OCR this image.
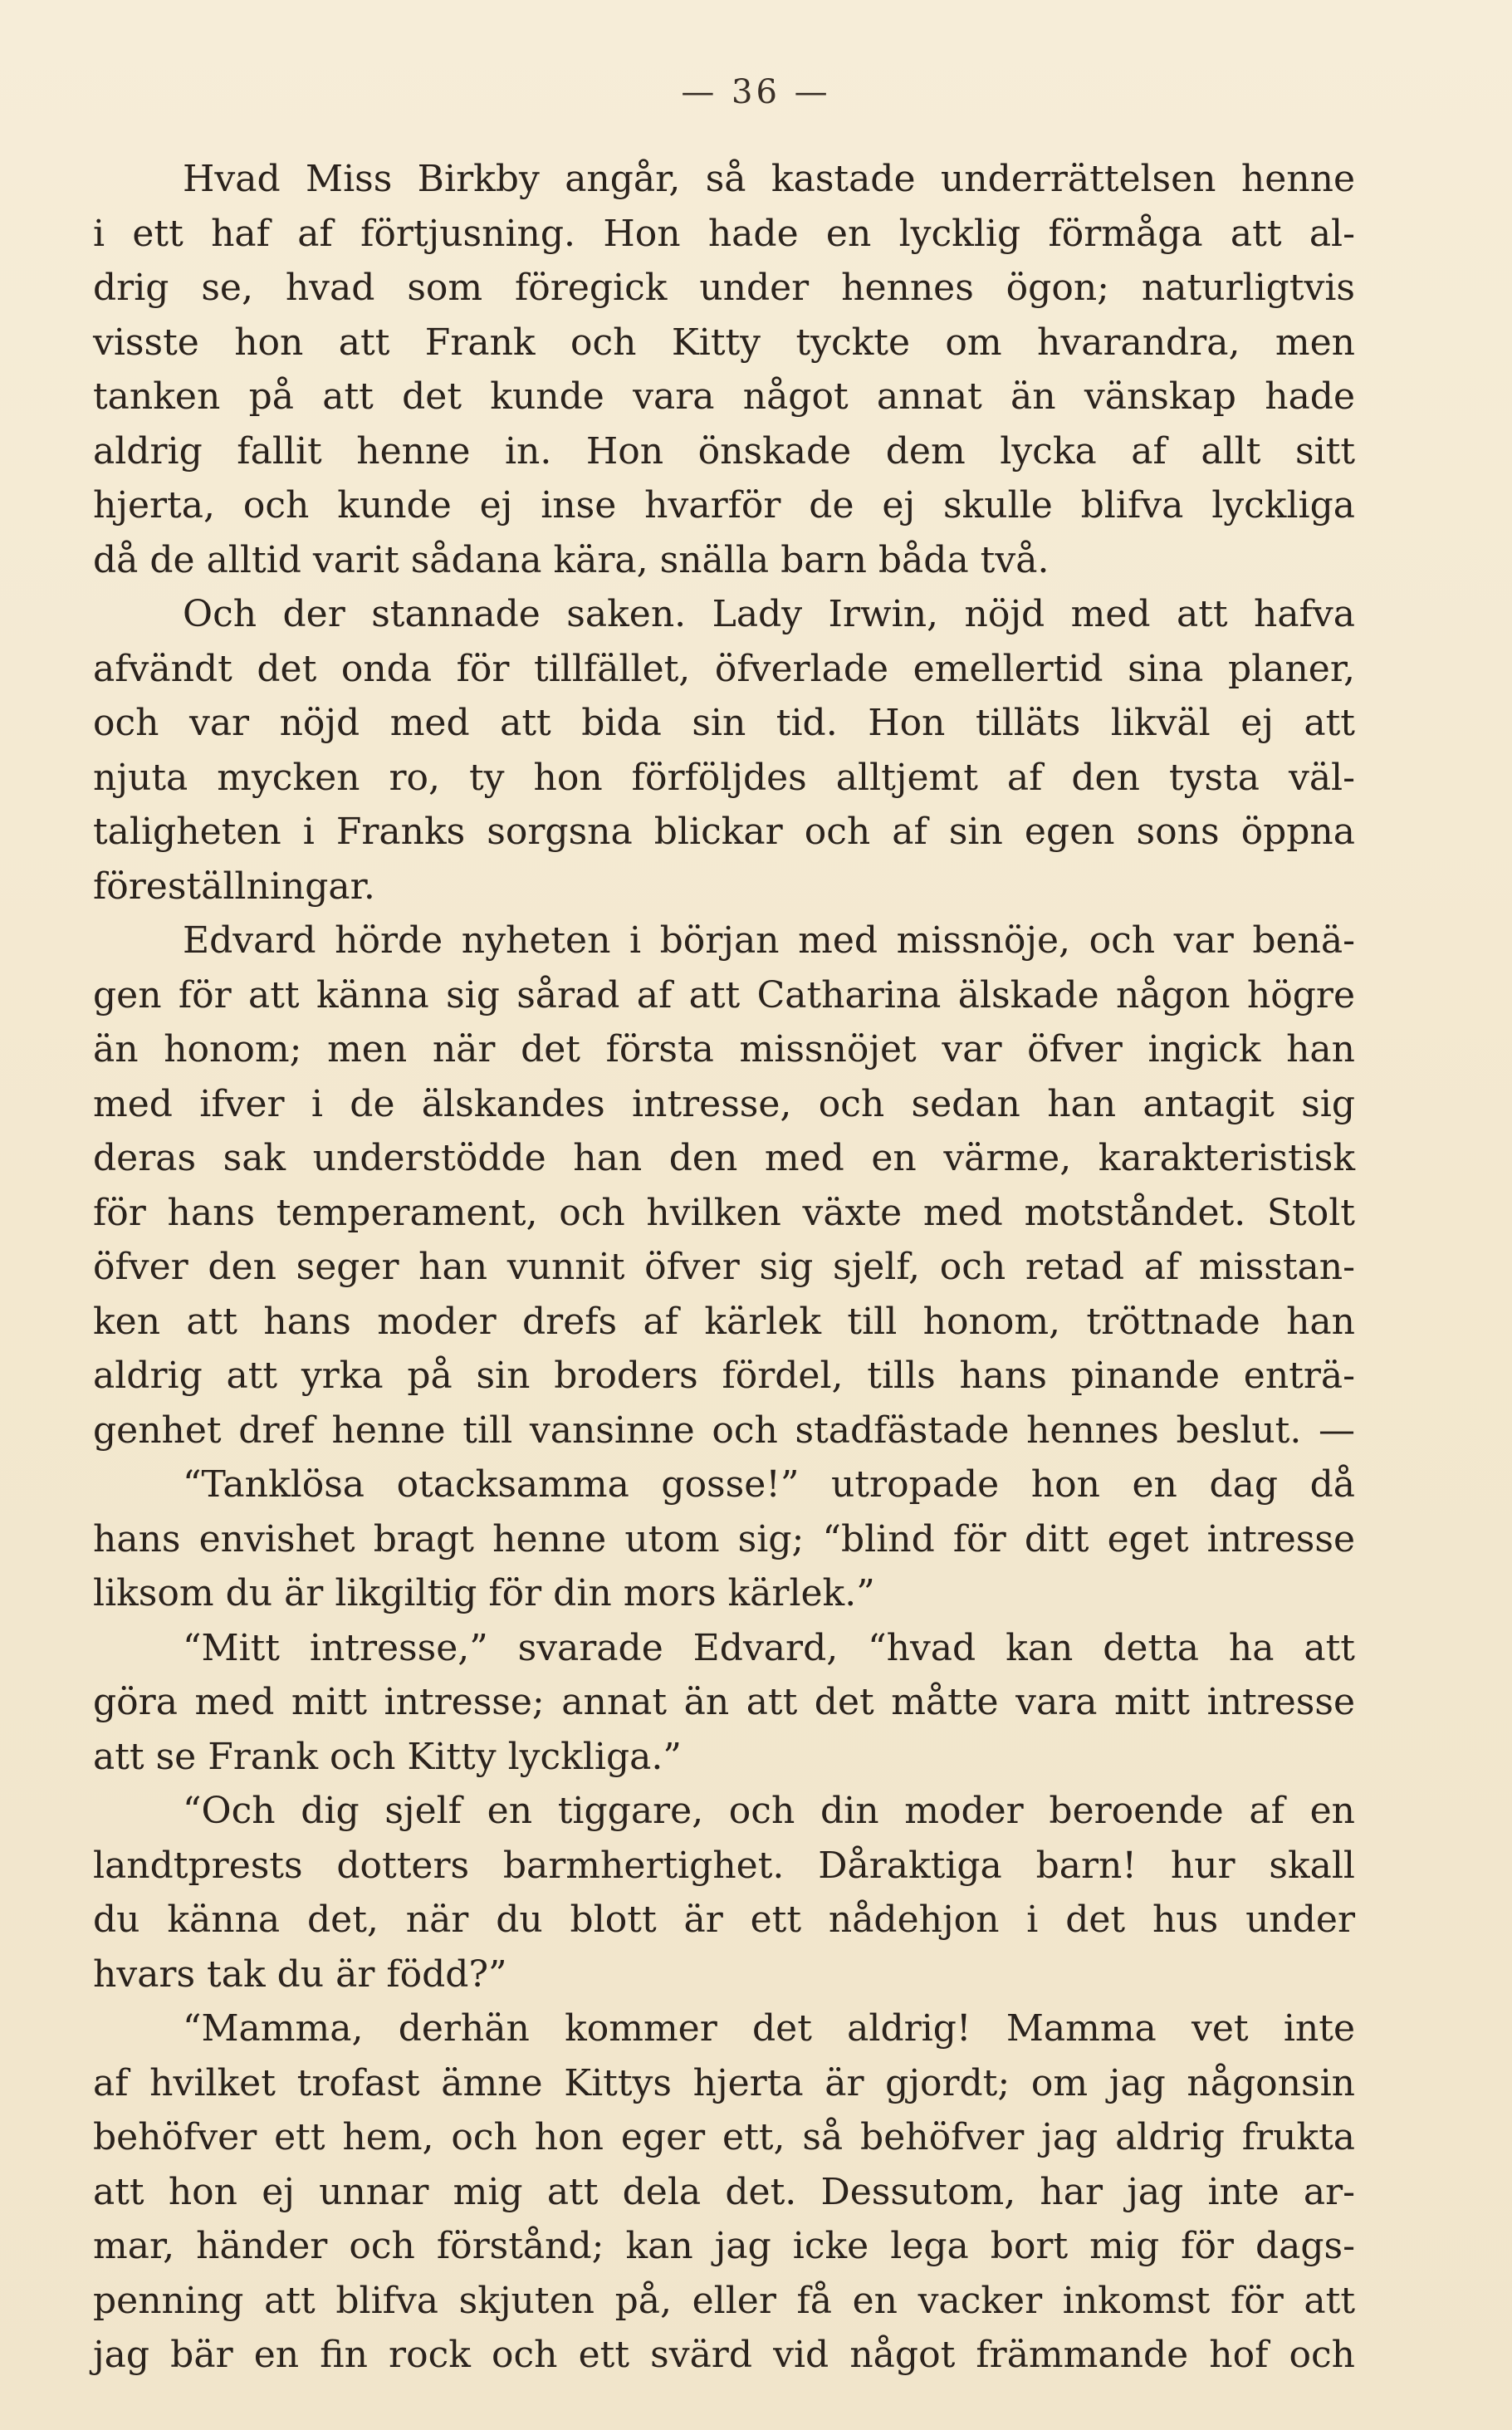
— 36 —
Hvad Miss Birkby angår, så kastade underrättelsen henne
i ett haf af förtjusning. Hon hade en lycklig förmåga att al-
drig se, hvad som föregick under hennes ögon; naturligtvis
visste hon att Frank och Kitty tyckte om hvarandra, men
tanken på att det kunde vara något annat än vänskap hade
aldrig fallit henne in. Hon önskade dem lycka af allt sitt
hjerta, och kunde ej inse hvarför de ej skulle blifva lyckliga
då de alltid varit sådana kära, snälla barn båda två.
Och der stannade saken. Lady Irwin, nöjd med att hafva
afvändt det onda för tillfället, öfverlade emellertid sina planer,
och var nöjd med att bida sin tid. Hon tilläts likväl ej att
njuta mycken ro, ty hon förföljdes alltjemt af den tysta väl-
taligheten i Franks sorgsna blickar och af sin egen sons öppna
föreställningar.
Edvard hörde nyheten i början med missnöje, och var benä-
gen för att känna sig sårad af att Catharina älskade någon högre
än honom; men när det första missnöjet var öfver ingick han
med ifver i de älskandes intresse, och sedan han antagit sig
deras sak understödde han den med en värme, karakteristisk
för hans temperament, och hvilken växte med motståndet. Stolt
öfver den seger han vunnit öfver sig sjelf, och retad af misstan-
ken att hans moder drefs af kärlek till honom, tröttnade han
aldrig att yrka på sin broders fördel, tills hans pinande enträ-
genhet dref henne till vansinne och stadfästade hennes beslut. —
“Tanklösa otacksamma gosse!” utropade hon en dag då
hans envishet bragt henne utom sig; “blind för ditt eget intresse
liksom du är likgiltig för din mors kärlek.”
“Mitt intresse,” svarade Edvard, “hvad kan detta ha att
göra med mitt intresse; annat än att det måtte vara mitt intresse
att se Frank och Kitty lyckliga.”
“Och dig sjelf en tiggare, och din moder beroende af en
landtprests dotters barmhertighet. Dåraktiga barn! hur skall
du känna det, när du blott är ett nådehjon i det hus under
hvars tak du är född?”
“Mamma, derhän kommer det aldrig! Mamma vet inte
af hvilket trofast ämne Kittys hjerta är gjordt; om jag någonsin
behöfver ett hem, och hon eger ett, så behöfver jag aldrig frukta
att hon ej unnar mig att dela det. Dessutom, har jag inte ar-
mar, händer och förstånd; kan jag icke lega bort mig för dags-
penning att blifva skjuten på, eller få en vacker inkomst för att
jag bär en fin rock och ett svärd vid något främmande hof och
